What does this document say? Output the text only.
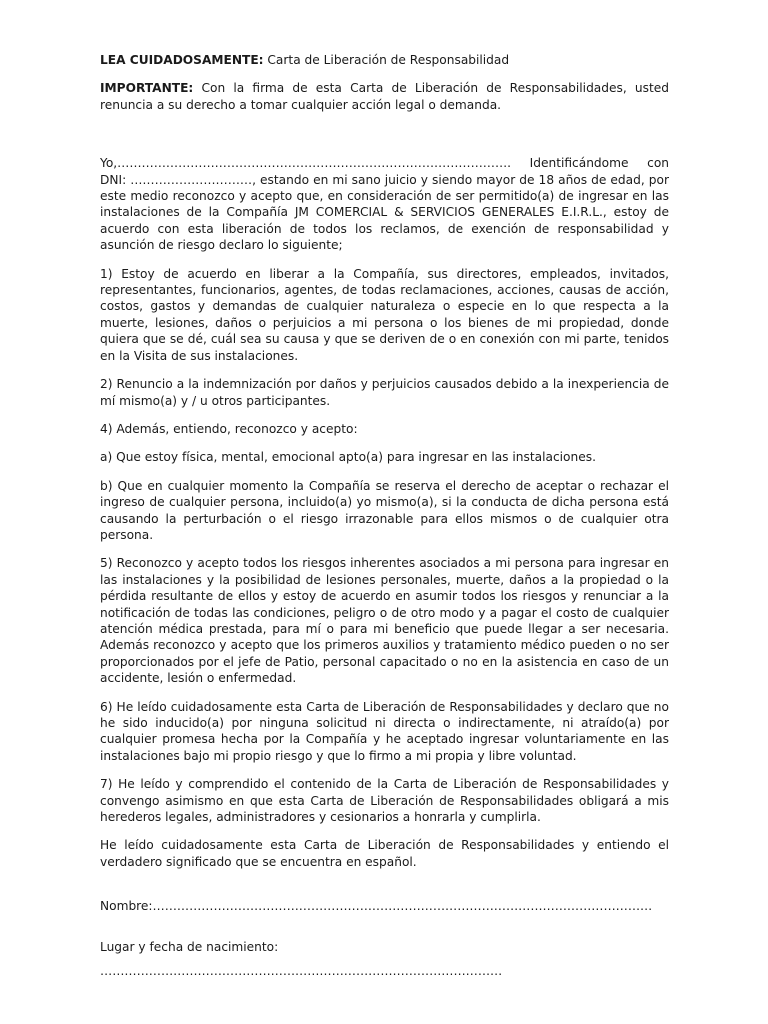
LEA CUIDADOSAMENTE: Carta de Liberación de Responsabilidad

IMPORTANTE: Con la firma de esta Carta de Liberación de Responsabilidades, usted renuncia a su derecho a tomar cualquier acción legal o demanda.

Yo,……………………………………………………………………………………. Identificándome con DNI: …………………………, estando en mi sano juicio y siendo mayor de 18 años de edad, por este medio reconozco y acepto que, en consideración de ser permitido(a) de ingresar en las instalaciones de la Compañía JM COMERCIAL & SERVICIOS GENERALES E.I.R.L., estoy de acuerdo con esta liberación de todos los reclamos, de exención de responsabilidad y asunción de riesgo declaro lo siguiente;

1) Estoy de acuerdo en liberar a la Compañía, sus directores, empleados, invitados, representantes, funcionarios, agentes, de todas reclamaciones, acciones, causas de acción, costos, gastos y demandas de cualquier naturaleza o especie en lo que respecta a la muerte, lesiones, daños o perjuicios a mi persona o los bienes de mi propiedad, donde quiera que se dé, cuál sea su causa y que se deriven de o en conexión con mi parte, tenidos en la Visita de sus instalaciones.

2) Renuncio a la indemnización por daños y perjuicios causados debido a la inexperiencia de mí mismo(a) y / u otros participantes.

4) Además, entiendo, reconozco y acepto:

a) Que estoy física, mental, emocional apto(a) para ingresar en las instalaciones.

b) Que en cualquier momento la Compañía se reserva el derecho de aceptar o rechazar el ingreso de cualquier persona, incluido(a) yo mismo(a), si la conducta de dicha persona está causando la perturbación o el riesgo irrazonable para ellos mismos o de cualquier otra persona.

5) Reconozco y acepto todos los riesgos inherentes asociados a mi persona para ingresar en las instalaciones y la posibilidad de lesiones personales, muerte, daños a la propiedad o la pérdida resultante de ellos y estoy de acuerdo en asumir todos los riesgos y renunciar a la notificación de todas las condiciones, peligro o de otro modo y a pagar el costo de cualquier atención médica prestada, para mí o para mi beneficio que puede llegar a ser necesaria. Además reconozco y acepto que los primeros auxilios y tratamiento médico pueden o no ser proporcionados por el jefe de Patio, personal capacitado o no en la asistencia en caso de un accidente, lesión o enfermedad.

6) He leído cuidadosamente esta Carta de Liberación de Responsabilidades y declaro que no he sido inducido(a) por ninguna solicitud ni directa o indirectamente, ni atraído(a) por cualquier promesa hecha por la Compañía y he aceptado ingresar voluntariamente en las instalaciones bajo mi propio riesgo y que lo firmo a mi propia y libre voluntad.

7) He leído y comprendido el contenido de la Carta de Liberación de Responsabilidades y convengo asimismo en que esta Carta de Liberación de Responsabilidades obligará a mis herederos legales, administradores y cesionarios a honrarla y cumplirla.

He leído cuidadosamente esta Carta de Liberación de Responsabilidades y entiendo el verdadero significado que se encuentra en español.

Nombre:……………………………………………………………………………………………………………
Lugar y fecha de nacimiento:
………………………………………………………………………………………
